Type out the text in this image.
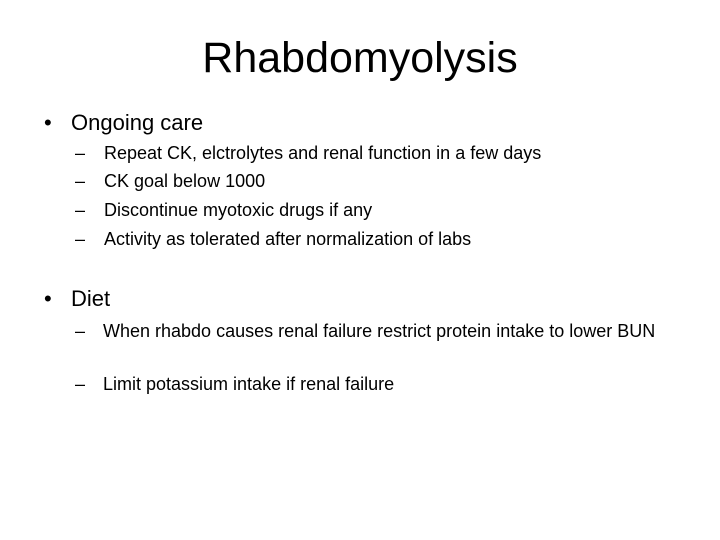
Rhabdomyolysis
• Ongoing care
– Repeat CK, elctrolytes and renal function in a few days
– CK goal below 1000
– Discontinue myotoxic drugs if any
– Activity as tolerated after normalization of labs
• Diet
– When rhabdo causes renal failure restrict protein intake to lower BUN
– Limit potassium intake if renal failure
